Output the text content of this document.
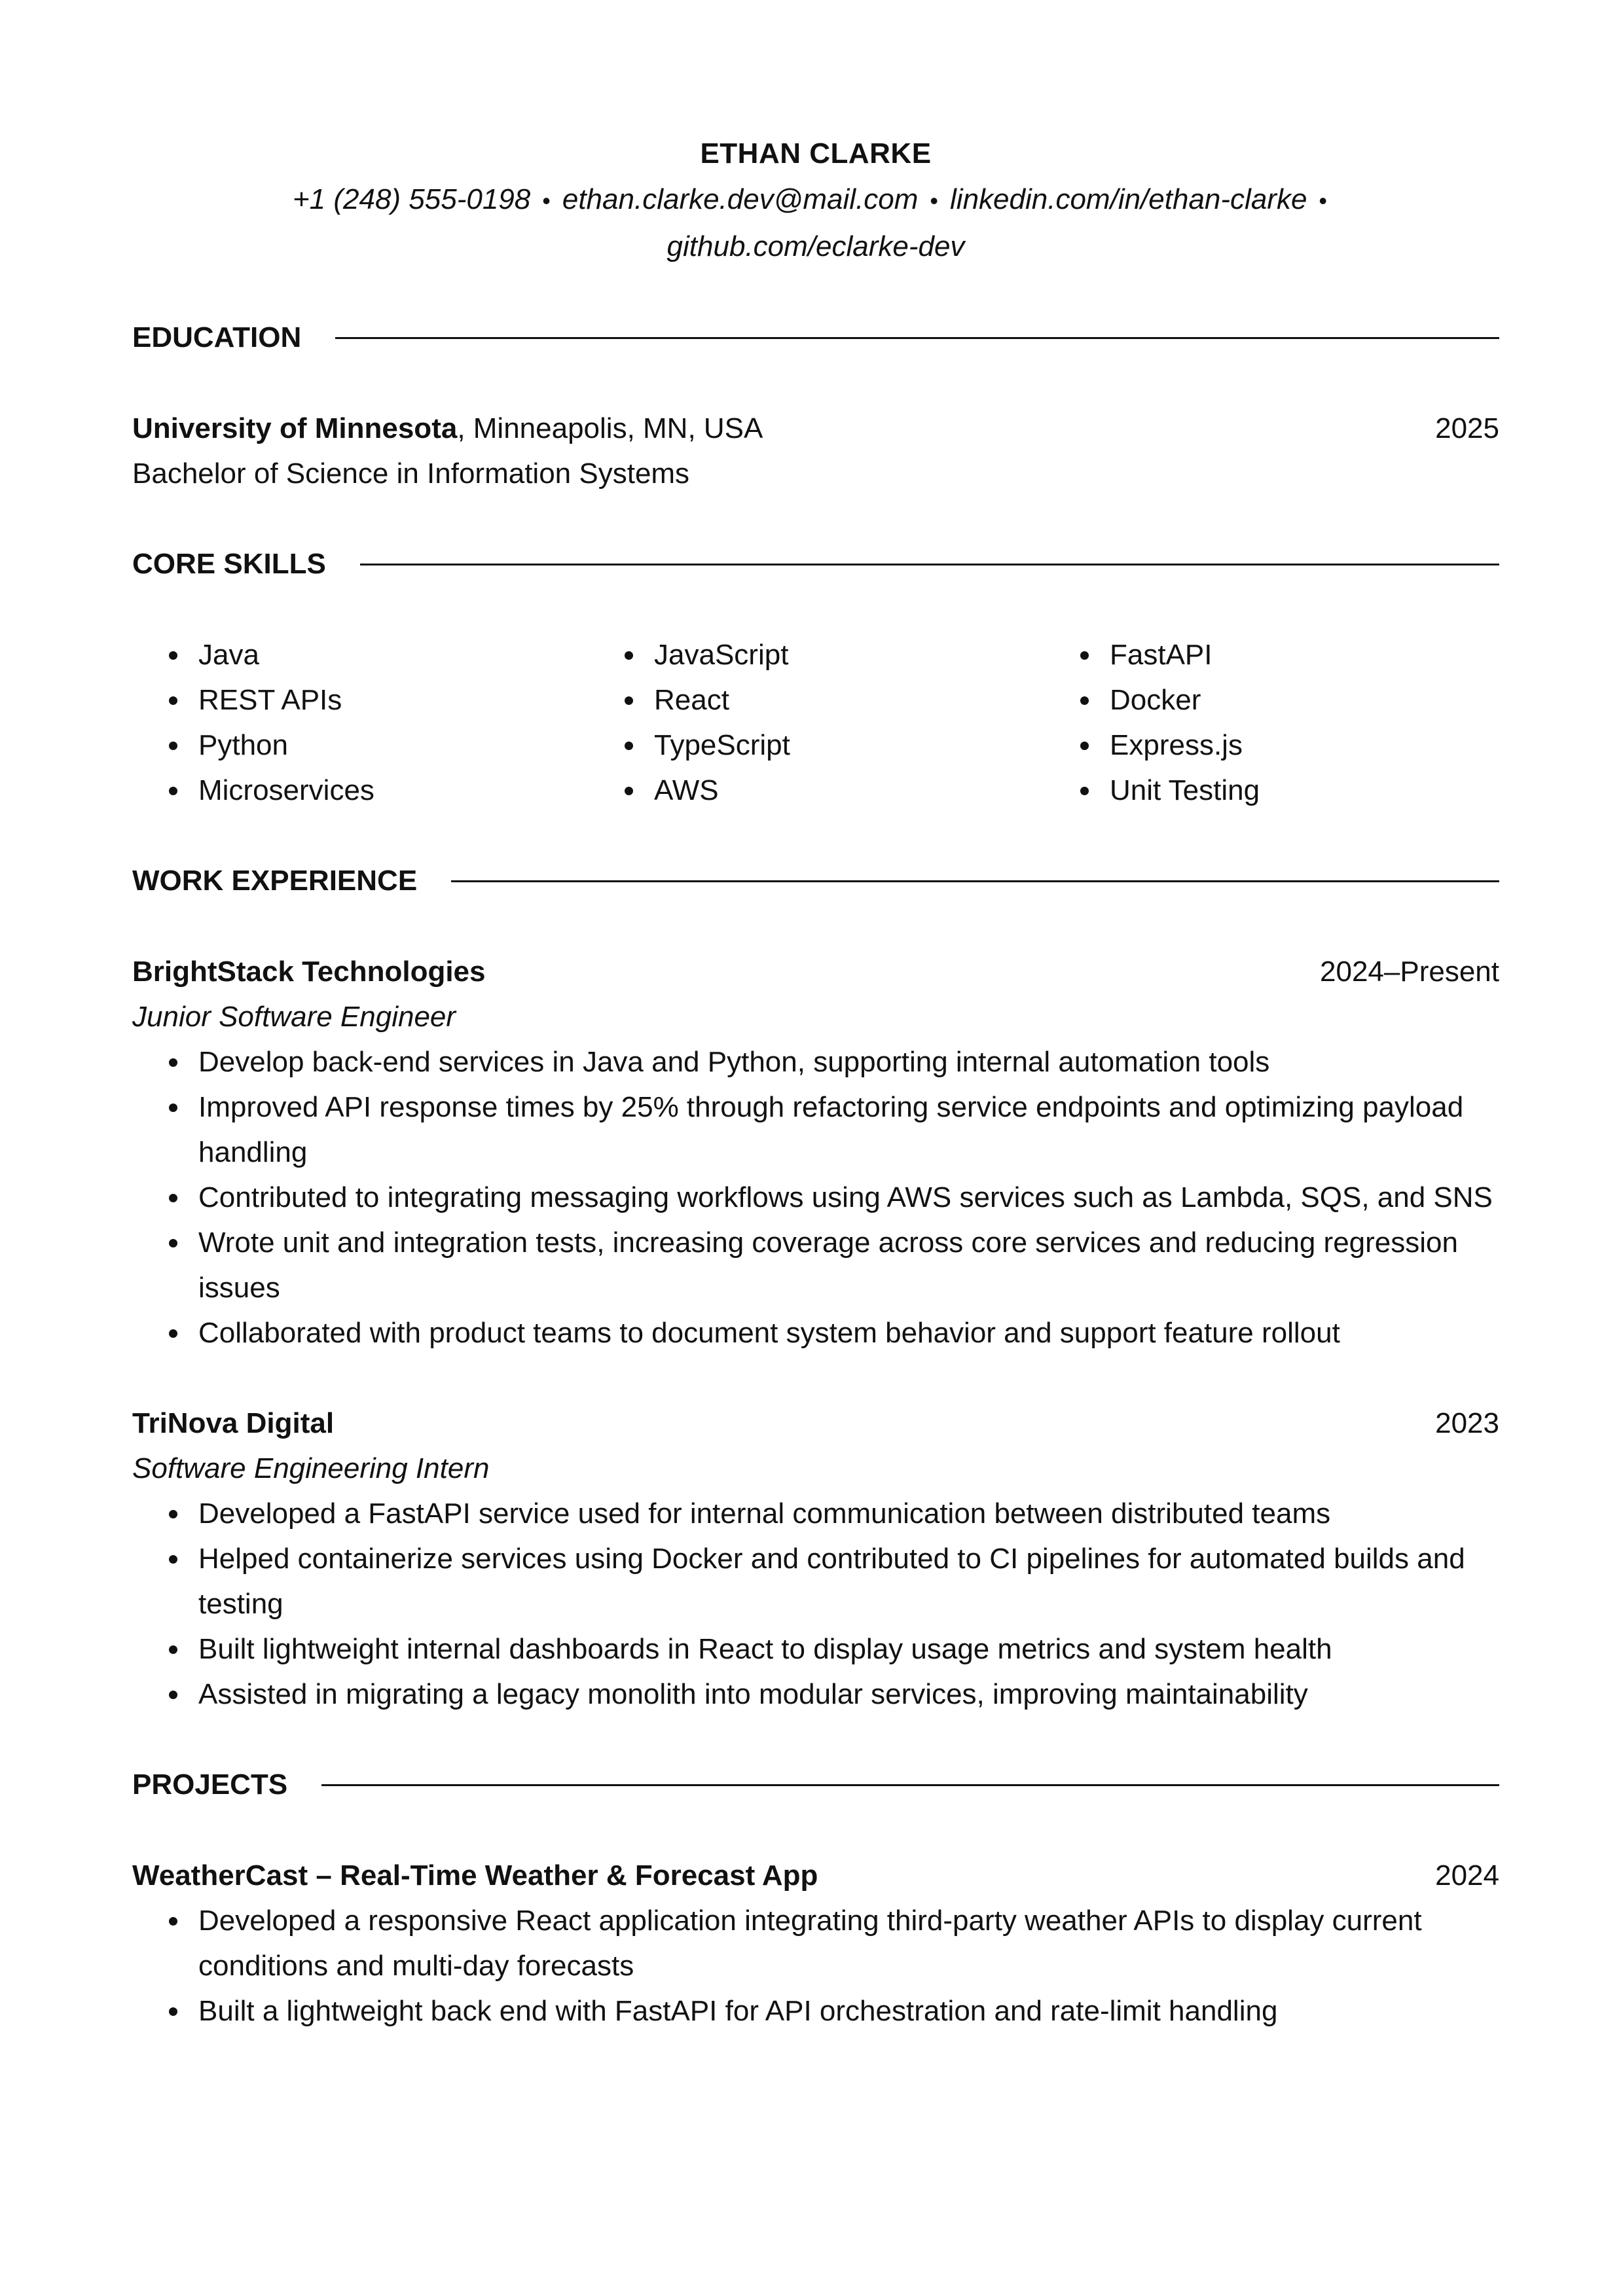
ETHAN CLARKE
+1 (248) 555-0198 • ethan.clarke.dev@mail.com • linkedin.com/in/ethan-clarke •
github.com/eclarke-dev
EDUCATION
University of Minnesota, Minneapolis, MN, USA	2025
Bachelor of Science in Information Systems
CORE SKILLS
Java
REST APIs
Python
Microservices
JavaScript
React
TypeScript
AWS
FastAPI
Docker
Express.js
Unit Testing
WORK EXPERIENCE
BrightStack Technologies	2024–Present
Junior Software Engineer
Develop back-end services in Java and Python, supporting internal automation tools
Improved API response times by 25% through refactoring service endpoints and optimizing payload handling
Contributed to integrating messaging workflows using AWS services such as Lambda, SQS, and SNS
Wrote unit and integration tests, increasing coverage across core services and reducing regression issues
Collaborated with product teams to document system behavior and support feature rollout
TriNova Digital	2023
Software Engineering Intern
Developed a FastAPI service used for internal communication between distributed teams
Helped containerize services using Docker and contributed to CI pipelines for automated builds and testing
Built lightweight internal dashboards in React to display usage metrics and system health
Assisted in migrating a legacy monolith into modular services, improving maintainability
PROJECTS
WeatherCast – Real-Time Weather & Forecast App	2024
Developed a responsive React application integrating third-party weather APIs to display current conditions and multi-day forecasts
Built a lightweight back end with FastAPI for API orchestration and rate-limit handling
